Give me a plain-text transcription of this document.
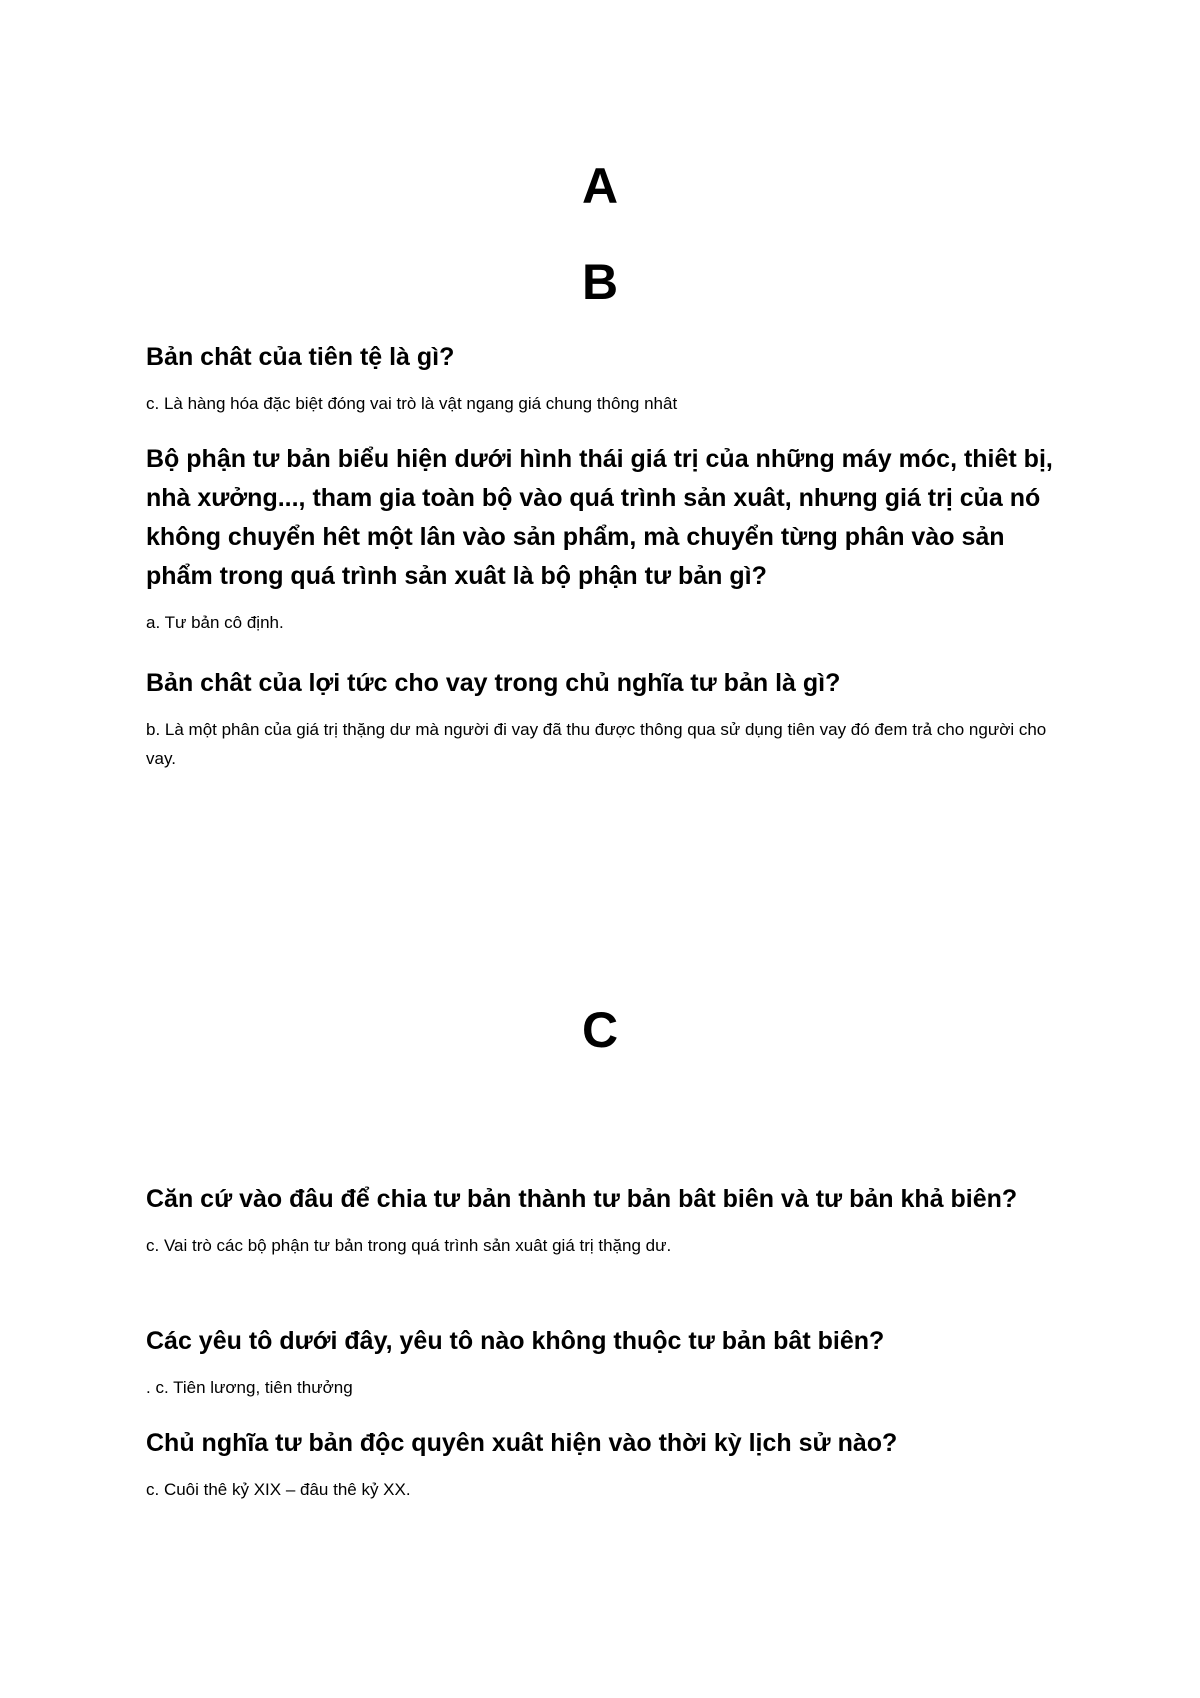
A
B

Bản chât của tiên tệ là gì?

c. Là hàng hóa đặc biệt đóng vai trò là vật ngang giá chung thông nhât

Bộ phận tư bản biểu hiện dưới hình thái giá trị của những máy móc, thiêt bị, nhà xưởng..., tham gia toàn bộ vào quá trình sản xuât, nhưng giá trị của nó không chuyển hêt một lân vào sản phẩm, mà chuyển từng phân vào sản phẩm trong quá trình sản xuât là bộ phận tư bản gì?

a. Tư bản cô định.

Bản chât của lợi tức cho vay trong chủ nghĩa tư bản là gì?

b. Là một phân của giá trị thặng dư mà người đi vay đã thu được thông qua sử dụng tiên vay đó đem trả cho người cho vay.

C

Căn cứ vào đâu để chia tư bản thành tư bản bât biên và tư bản khả biên?

c. Vai trò các bộ phận tư bản trong quá trình sản xuât giá trị thặng dư.

Các yêu tô dưới đây, yêu tô nào không thuộc tư bản bât biên?

. c. Tiên lương, tiên thưởng

Chủ nghĩa tư bản độc quyên xuât hiện vào thời kỳ lịch sử nào?

c. Cuôi thê kỷ XIX – đâu thê kỷ XX.
